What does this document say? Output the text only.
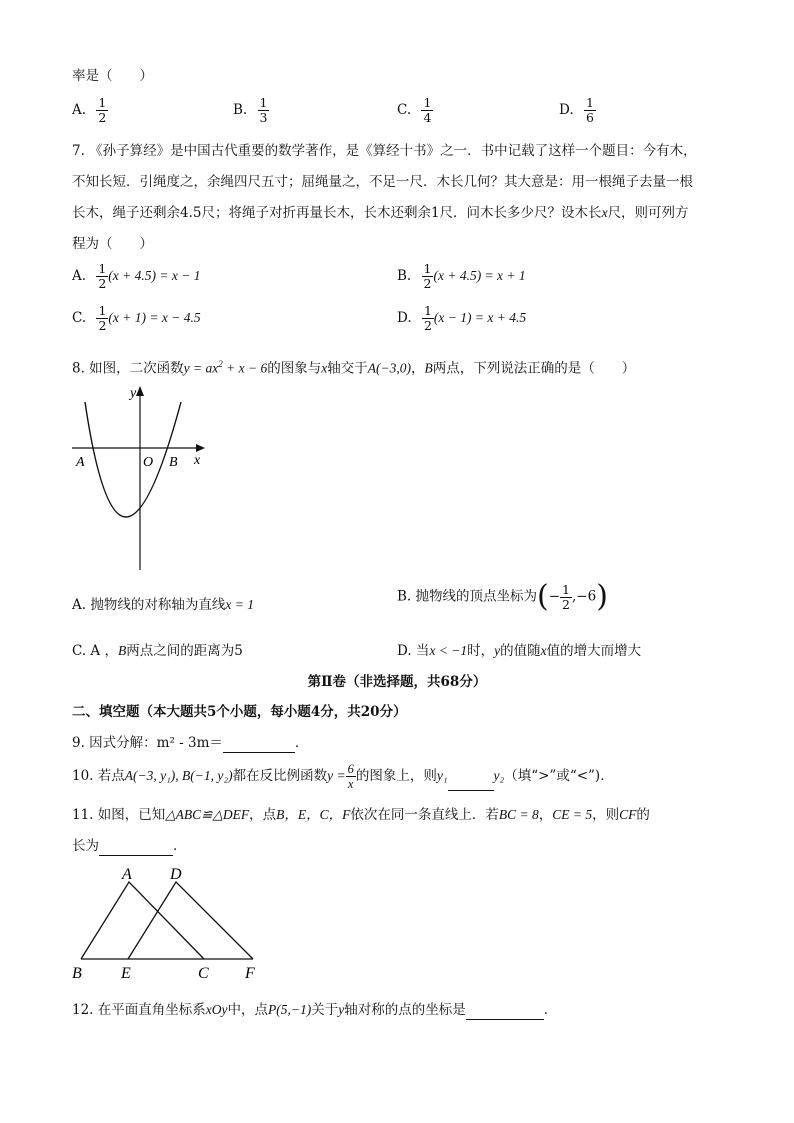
率是（　　）
A. $\frac{1}{2}$	B. $\frac{1}{3}$	C. $\frac{1}{4}$	D. $\frac{1}{6}$
7. 《孙子算经》是中国古代重要的数学著作，是《算经十书》之一．书中记载了这样一个题目：今有木，
不知长短．引绳度之，余绳四尺五寸；屈绳量之，不足一尺．木长几何？其大意是：用一根绳子去量一根
长木，绳子还剩余4.5尺；将绳子对折再量长木，长木还剩余1尺．问木长多少尺？设木长x尺，则可列方
程为（　　）
A. $\frac{1}{2} (x + 4.5) = x - 1$	B. $\frac{1}{2} (x + 4.5) = x + 1$
C. $\frac{1}{2} (x + 1) = x - 4.5$	D. $\frac{1}{2} (x - 1) = x + 4.5$
8. 如图，二次函数$y = ax^2 + x - 6$的图象与x轴交于A(−3,0)，B两点，下列说法正确的是（　　）
y
A	O B x
A. 抛物线的对称轴为直线x = 1	B. 抛物线的顶点坐标为(− $\frac{1}{2} ,-6$)
C. A ，B两点之间的距离为5	D. 当x < −1时，y的值随x值的增大而增大
第Ⅱ卷（非选择题，共68分）
二、填空题（本大题共5个小题，每小题4分，共20分）
9. 因式分解：m² - 3m＝	．
10. 若点A(−3, y₁), B(−1, y₂)都在反比例函数$y = \frac{6}{x}$ 的图象上，则y₁	y₂（填“>”或“<”)．
11. 如图，已知△ABC≌△DEF，点B，E，C，F依次在同一条直线上．若BC = 8，CE = 5，则CF的
长为	．
A D
B E	C F
12. 在平面直角坐标系xOy中，点P(5,−1)关于y轴对称的点的坐标是	．
